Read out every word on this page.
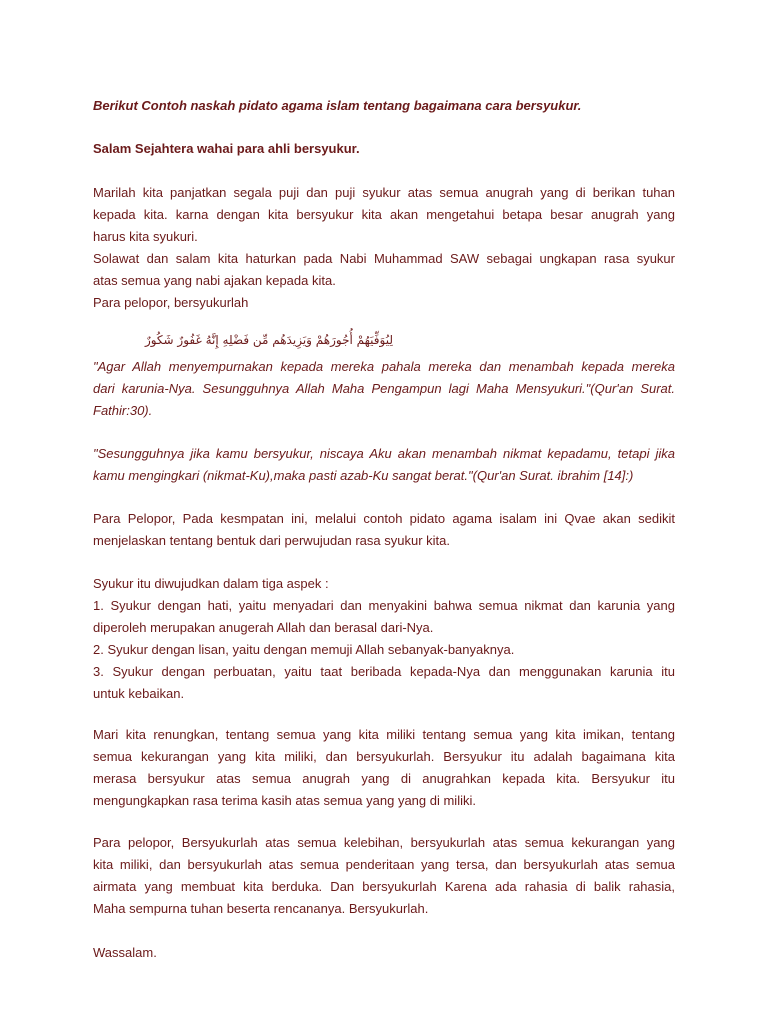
Berikut Contoh naskah pidato agama islam tentang bagaimana cara bersyukur.

Salam Sejahtera wahai para ahli bersyukur.

Marilah kita panjatkan segala puji dan puji syukur atas semua anugrah yang di berikan tuhan
kepada kita. karna dengan kita bersyukur kita akan mengetahui betapa besar anugrah yang
harus kita syukuri.
Solawat dan salam kita haturkan pada Nabi Muhammad SAW sebagai ungkapan rasa syukur
atas semua yang nabi ajakan kepada kita.
Para pelopor, bersyukurlah

لِيُوَفِّيَهُمْ أُجُورَهُمْ وَيَزِيدَهُم مِّن فَضْلِهِ إِنَّهُ غَفُورٌ شَكُورٌ

"Agar Allah menyempurnakan kepada mereka pahala mereka dan menambah kepada mereka
dari karunia-Nya. Sesungguhnya Allah Maha Pengampun lagi Maha Mensyukuri."(Qur'an Surat.
Fathir:30).

"Sesungguhnya jika kamu bersyukur, niscaya Aku akan menambah nikmat kepadamu, tetapi jika
kamu mengingkari (nikmat-Ku),maka pasti azab-Ku sangat berat."(Qur'an Surat. ibrahim [14]:)

Para Pelopor, Pada kesmpatan ini, melalui contoh pidato agama isalam ini Qvae akan sedikit
menjelaskan tentang bentuk dari perwujudan rasa syukur kita.

Syukur itu diwujudkan dalam tiga aspek :
1. Syukur dengan hati, yaitu menyadari dan menyakini bahwa semua nikmat dan karunia yang
diperoleh merupakan anugerah Allah dan berasal dari-Nya.
2. Syukur dengan lisan, yaitu dengan memuji Allah sebanyak-banyaknya.
3. Syukur dengan perbuatan, yaitu taat beribada kepada-Nya dan menggunakan karunia itu
untuk kebaikan.

Mari kita renungkan, tentang semua yang kita miliki tentang semua yang kita imikan, tentang
semua kekurangan yang kita miliki, dan bersyukurlah. Bersyukur itu adalah bagaimana kita
merasa bersyukur atas semua anugrah yang di anugrahkan kepada kita. Bersyukur itu
mengungkapkan rasa terima kasih atas semua yang yang di miliki.

Para pelopor, Bersyukurlah atas semua kelebihan, bersyukurlah atas semua kekurangan yang
kita miliki, dan bersyukurlah atas semua penderitaan yang tersa, dan bersyukurlah atas semua
airmata yang membuat kita berduka. Dan bersyukurlah Karena ada rahasia di balik rahasia,
Maha sempurna tuhan beserta rencananya. Bersyukurlah.

Wassalam.
